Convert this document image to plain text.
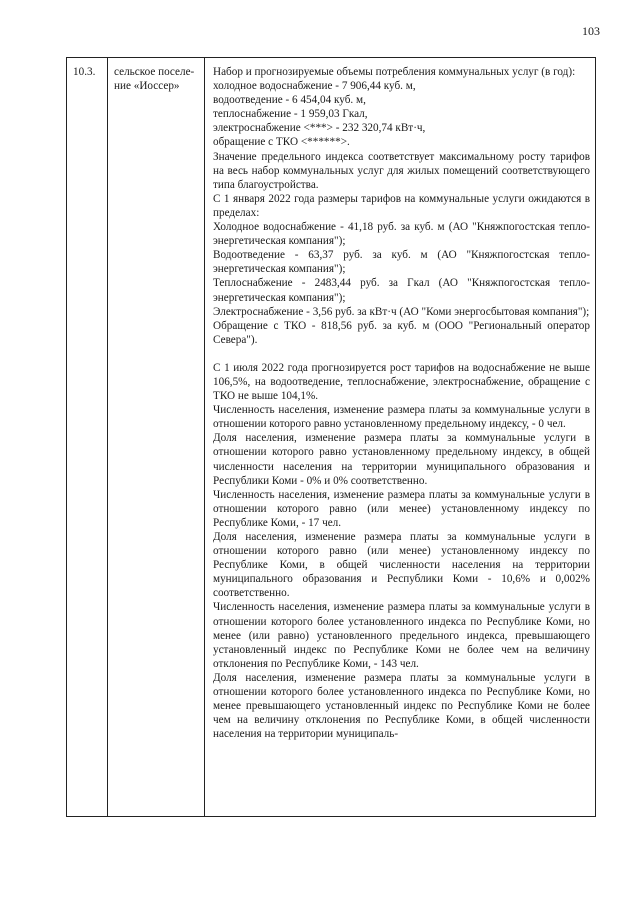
103
10.3.	сельское поселе-
ние «Иоссер»

Набор и прогнозируемые объемы потребления коммунальных услуг (в год):

холодное водоснабжение - 7 906,44 куб. м,

водоотведение - 6 454,04 куб. м,

теплоснабжение - 1 959,03 Гкал,

электроснабжение <***> - 232 320,74 кВт·ч,

обращение с ТКО <******>.

Значение предельного индекса соответствует максимальному росту тарифов на весь набор коммунальных услуг для жилых помещений соответствующего типа благоустройства.

С 1 января 2022 года размеры тарифов на коммунальные услуги ожидаются в пределах:

Холодное водоснабжение - 41,18 руб. за куб. м (АО "Княжпогостская тепло-энергетическая компания");

Водоотведение - 63,37 руб. за куб. м (АО "Княжпогостская тепло-энергетическая компания");

Теплоснабжение - 2483,44 руб. за Гкал (АО "Княжпогостская тепло-энергетическая компания");

Электроснабжение - 3,56 руб. за кВт·ч (АО "Коми энергосбытовая компания");

Обращение с ТКО - 818,56 руб. за куб. м (ООО "Региональный оператор Севера").

С 1 июля 2022 года прогнозируется рост тарифов на водоснабжение не выше 106,5%, на водоотведение, теплоснабжение, электроснабжение, обращение с ТКО не выше 104,1%.

Численность населения, изменение размера платы за коммунальные услуги в отношении которого равно установленному предельному индексу, - 0 чел.

Доля населения, изменение размера платы за коммунальные услуги в отношении которого равно установленному предельному индексу, в общей численности населения на территории муниципального образования и Республики Коми - 0% и 0% соответственно.

Численность населения, изменение размера платы за коммунальные услуги в отношении которого равно (или менее) установленному индексу по Республике Коми, - 17 чел.

Доля населения, изменение размера платы за коммунальные услуги в отношении которого равно (или менее) установленному индексу по Республике Коми, в общей численности населения на территории муниципального образования и Республики Коми - 10,6% и 0,002% соответственно.

Численность населения, изменение размера платы за коммунальные услуги в отношении которого более установленного индекса по Республике Коми, но менее (или равно) установленного предельного индекса, превышающего установленный индекс по Республике Коми не более чем на величину отклонения по Республике Коми, - 143 чел.

Доля населения, изменение размера платы за коммунальные услуги в отношении которого более установленного индекса по Республике Коми, но менее превышающего установленный индекс по Республике Коми не более чем на величину отклонения по Республике Коми, в общей численности населения на территории муниципаль-
